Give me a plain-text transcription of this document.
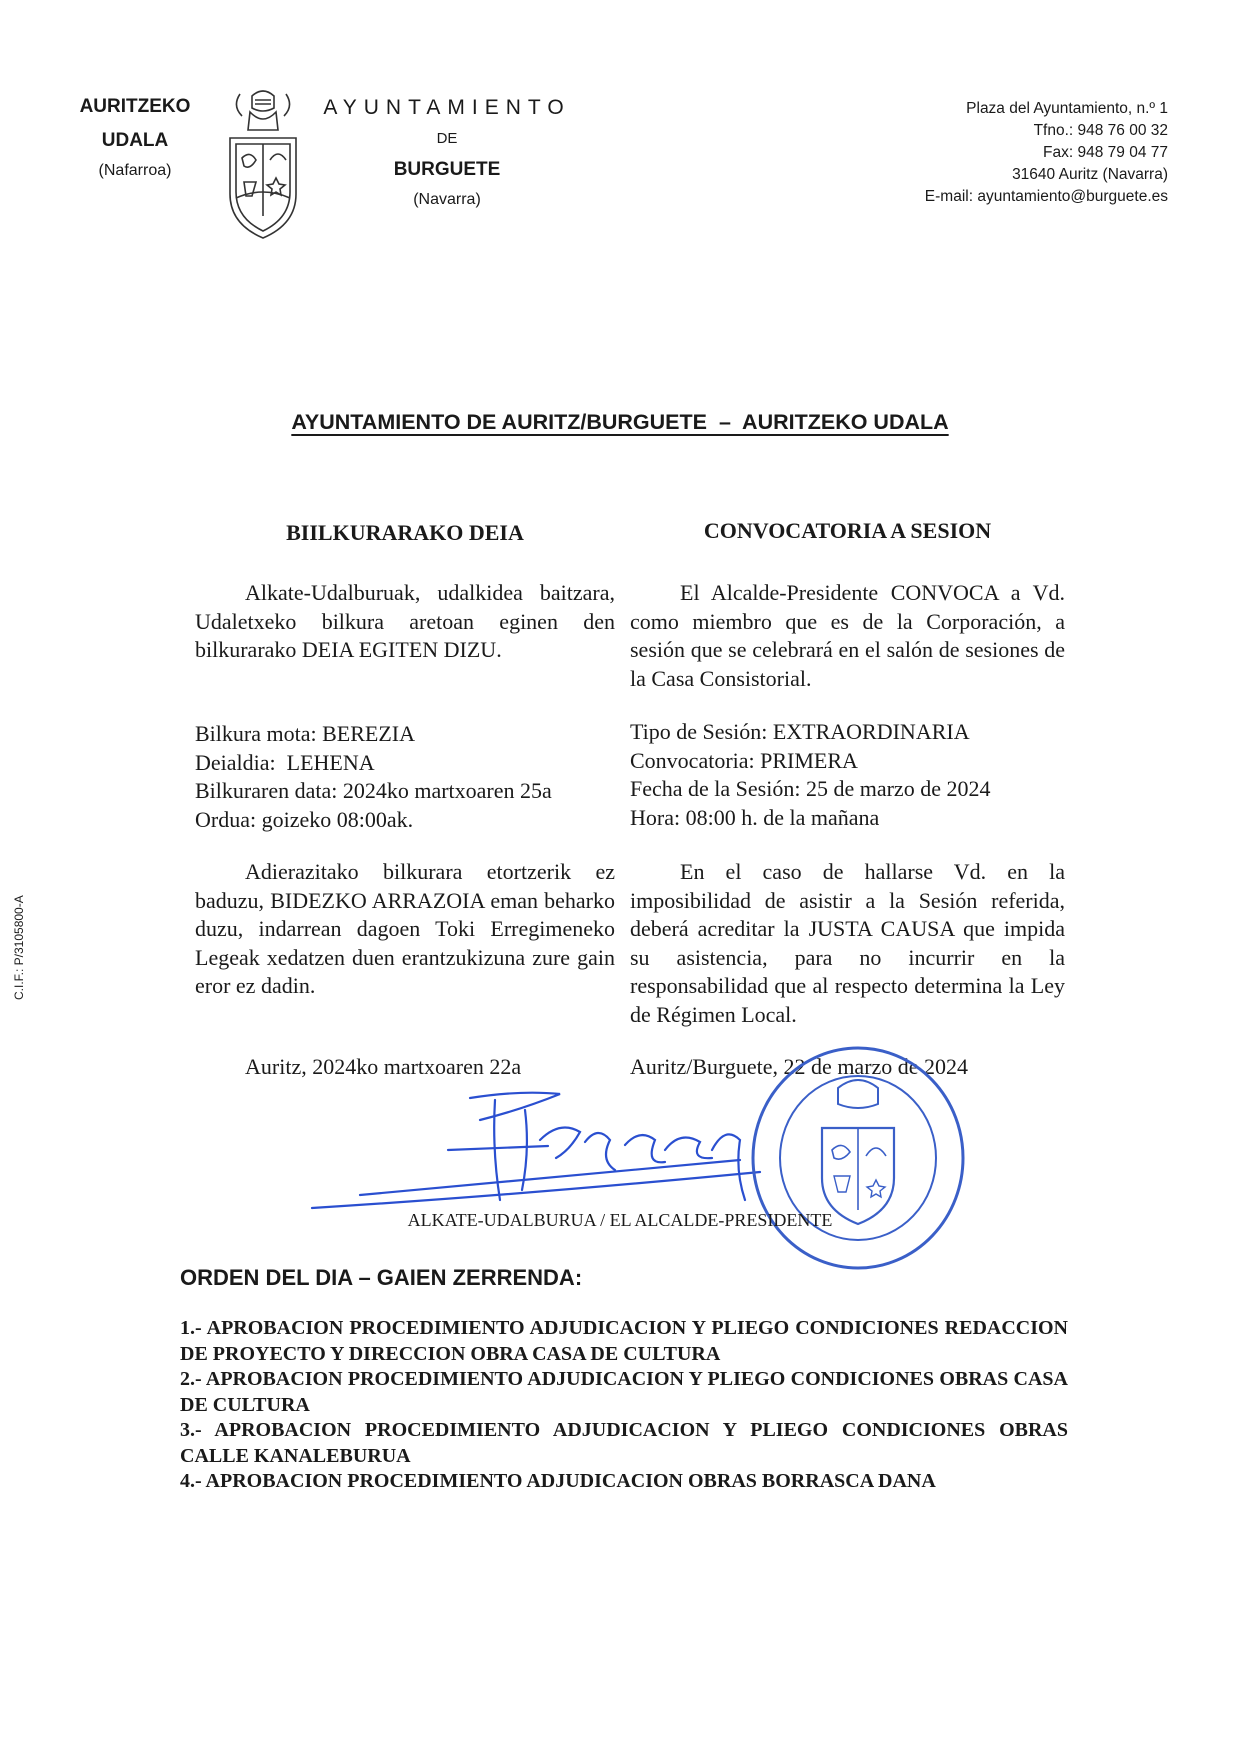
AURITZEKO
UDALA
(Nafarroa)
AYUNTAMIENTO
DE
BURGUETE
(Navarra)
Plaza del Ayuntamiento, n.º 1
Tfno.: 948 76 00 32
Fax: 948 79 04 77
31640 Auritz (Navarra)
E-mail: ayuntamiento@burguete.es
C.I.F.: P/3105800-A
AYUNTAMIENTO DE AURITZ/BURGUETE  –  AURITZEKO UDALA
BIILKURARAKO DEIA	CONVOCATORIA A SESION
Alkate-Udalburuak, udalkidea baitzara, Udaletxeko bilkura aretoan eginen den bilkurarako DEIA EGITEN DIZU.
El Alcalde-Presidente CONVOCA a Vd. como miembro que es de la Corporación, a sesión que se celebrará en el salón de sesiones de la Casa Consistorial.
Bilkura mota: BEREZIA
Deialdia:  LEHENA
Bilkuraren data: 2024ko martxoaren 25a
Ordua: goizeko 08:00ak.
Tipo de Sesión: EXTRAORDINARIA
Convocatoria: PRIMERA
Fecha de la Sesión: 25 de marzo de 2024
Hora: 08:00 h. de la mañana
Adierazitako bilkurara etortzerik ez baduzu, BIDEZKO ARRAZOIA eman beharko duzu, indarrean dagoen Toki Erregimeneko Legeak xedatzen duen erantzukizuna zure gain eror ez dadin.
En el caso de hallarse Vd. en la imposibilidad de asistir a la Sesión referida, deberá acreditar la JUSTA CAUSA que impida su asistencia, para no incurrir en la responsabilidad que al respecto determina la Ley de Régimen Local.
Auritz, 2024ko martxoaren 22a	Auritz/Burguete, 22 de marzo de 2024
ALKATE-UDALBURUA / EL ALCALDE-PRESIDENTE
ORDEN DEL DIA – GAIEN ZERRENDA:
1.- APROBACION PROCEDIMIENTO ADJUDICACION Y PLIEGO CONDICIONES REDACCION DE PROYECTO Y DIRECCION OBRA CASA DE CULTURA
2.- APROBACION PROCEDIMIENTO ADJUDICACION Y PLIEGO CONDICIONES OBRAS CASA DE CULTURA
3.- APROBACION PROCEDIMIENTO ADJUDICACION Y PLIEGO CONDICIONES OBRAS CALLE KANALEBURUA
4.- APROBACION PROCEDIMIENTO ADJUDICACION OBRAS BORRASCA DANA
